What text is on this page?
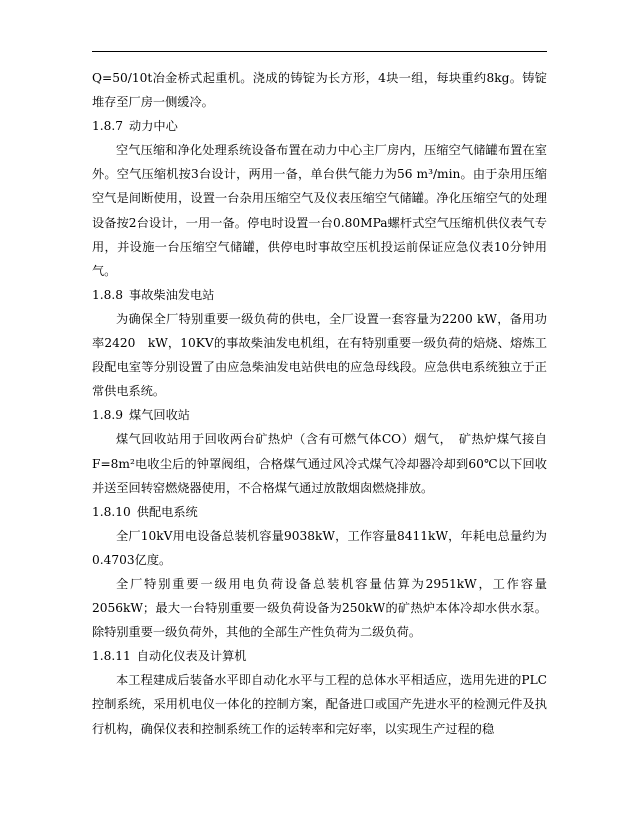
Q=50/10t冶金桥式起重机。浇成的铸锭为长方形，4块一组，每块重约8kg。铸锭堆存至厂房一侧缓冷。

1.8.7 动力中心

空气压缩和净化处理系统设备布置在动力中心主厂房内，压缩空气储罐布置在室外。空气压缩机按3台设计，两用一备，单台供气能力为56 m³/min。由于杂用压缩空气是间断使用，设置一台杂用压缩空气及仪表压缩空气储罐。净化压缩空气的处理设备按2台设计，一用一备。停电时设置一台0.80MPa螺杆式空气压缩机供仪表气专用，并设施一台压缩空气储罐，供停电时事故空压机投运前保证应急仪表10分钟用气。

1.8.8 事故柴油发电站

为确保全厂特别重要一级负荷的供电，全厂设置一套容量为2200 kW，备用功率2420　kW，10KV的事故柴油发电机组，在有特别重要一级负荷的焙烧、熔炼工段配电室等分别设置了由应急柴油发电站供电的应急母线段。应急供电系统独立于正常供电系统。

1.8.9 煤气回收站

煤气回收站用于回收两台矿热炉（含有可燃气体CO）烟气，　矿热炉煤气接自F=8m²电收尘后的钟罩阀组，合格煤气通过风冷式煤气冷却器冷却到60℃以下回收并送至回转窑燃烧器使用，不合格煤气通过放散烟囱燃烧排放。

1.8.10 供配电系统

全厂10kV用电设备总装机容量9038kW，工作容量8411kW，年耗电总量约为0.4703亿度。

全厂特别重要一级用电负荷设备总装机容量估算为2951kW，工作容量2056kW；最大一台特别重要一级负荷设备为250kW的矿热炉本体冷却水供水泵。除特别重要一级负荷外，其他的全部生产性负荷为二级负荷。

1.8.11 自动化仪表及计算机

本工程建成后装备水平即自动化水平与工程的总体水平相适应，选用先进的PLC控制系统，采用机电仪一体化的控制方案，配备进口或国产先进水平的检测元件及执行机构，确保仪表和控制系统工作的运转率和完好率，以实现生产过程的稳
